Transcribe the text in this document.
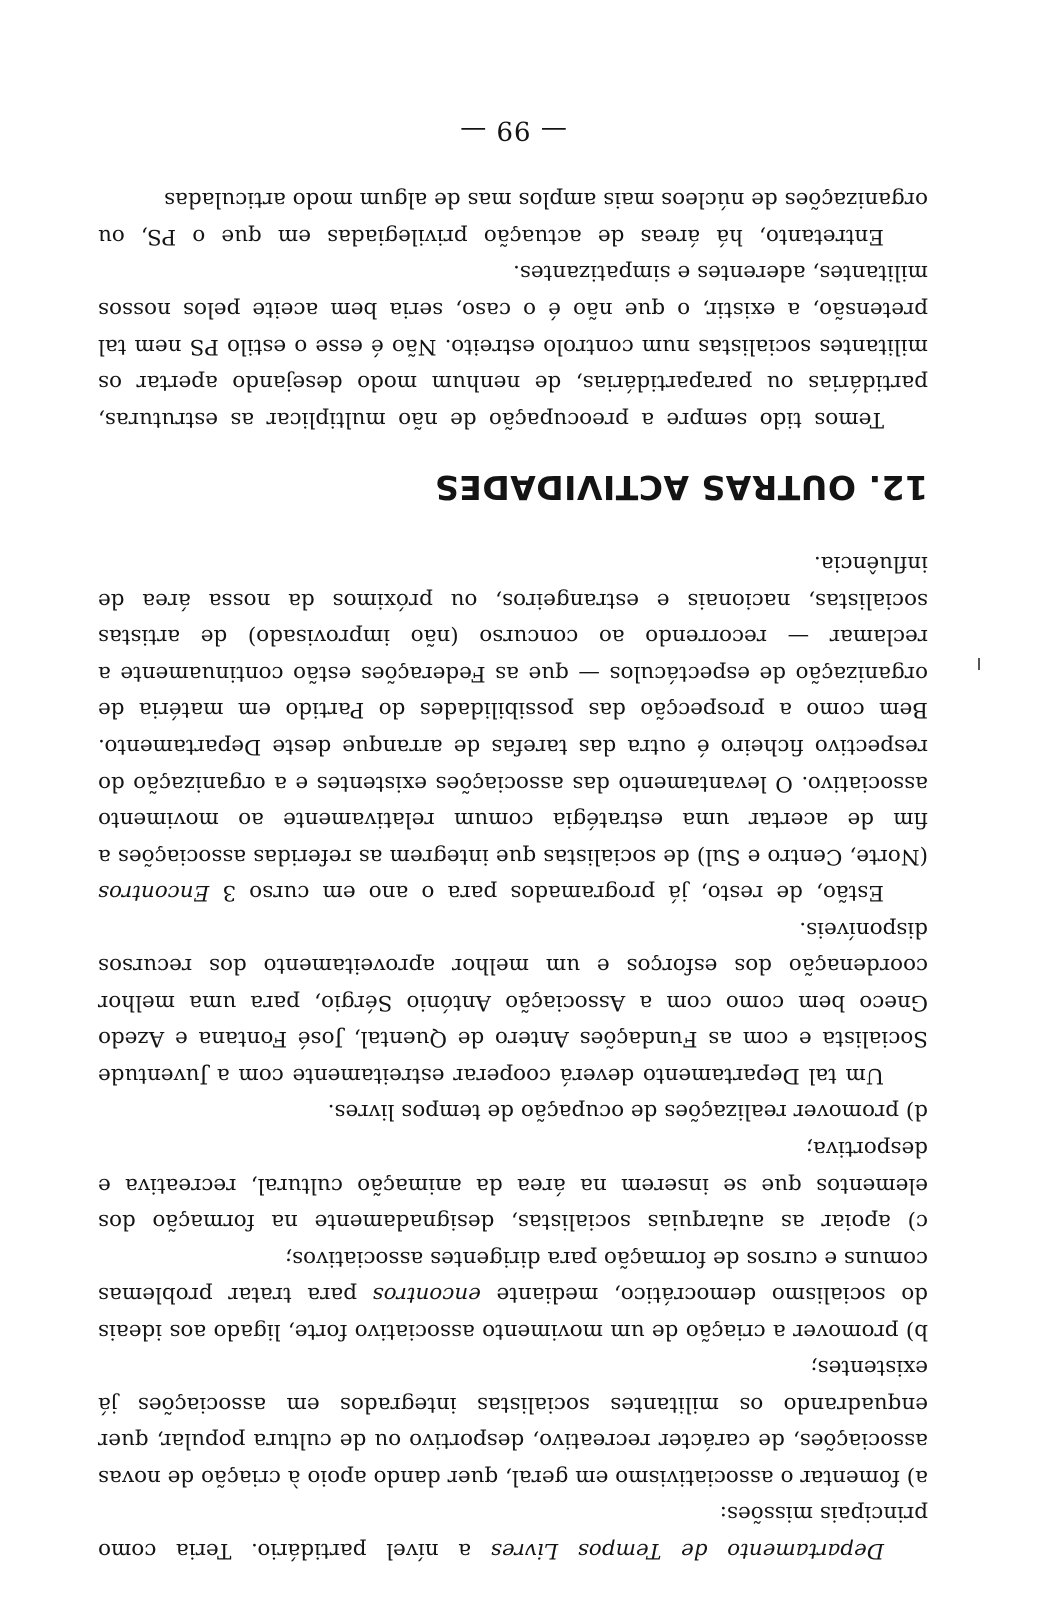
Departamento de Tempos Livres a nível partidário. Teria como principais missões:

a) fomentar o associativismo em geral, quer dando apoio à criação de novas associações, de carácter recreativo, desportivo ou de cultura popular, quer enquadrando os militantes socialistas integrados em associações já existentes;

b) promover a criação de um movimento associativo forte, ligado aos ideais do socialismo democrático, mediante encontros para tratar problemas comuns e cursos de formação para dirigentes associativos;

c) apoiar as autarquias socialistas, designadamente na formação dos elementos que se inserem na área da animação cultural, recreativa e desportiva;

d) promover realizações de ocupação de tempos livres.

Um tal Departamento deverá cooperar estreitamente com a Juventude Socialista e com as Fundações Antero de Quental, José Fontana e Azedo Gneco bem como com a Associação António Sérgio, para uma melhor coordenação dos esforços e um melhor aproveitamento dos recursos disponíveis.

Estão, de resto, já programados para o ano em curso 3 Encontros (Norte, Centro e Sul) de socialistas que integrem as referidas associações a fim de acertar uma estratégia comum relativamente ao movimento associativo. O levantamento das associações existentes e a organização do respectivo ficheiro é outra das tarefas de arranque deste Departamento. Bem como a prospecção das possibilidades do Partido em matéria de organização de espectáculos — que as Federações estão continuamente a reclamar — recorrendo ao concurso (não improvisado) de artistas socialistas, nacionais e estrangeiros, ou próximos da nossa área de influência.

12. OUTRAS ACTIVIDADES

Temos tido sempre a preocupação de não multiplicar as estruturas, partidárias ou parapartidárias, de nenhum modo desejando apertar os militantes socialistas num controlo estreito. Não é esse o estilo PS nem tal pretensão, a existir, o que não é o caso, seria bem aceite pelos nossos militantes, aderentes e simpatizantes.

Entretanto, há áreas de actuação privilegiadas em que o PS, ou organizações de núcleos mais amplos mas de algum modo articuladas

— 99 —
